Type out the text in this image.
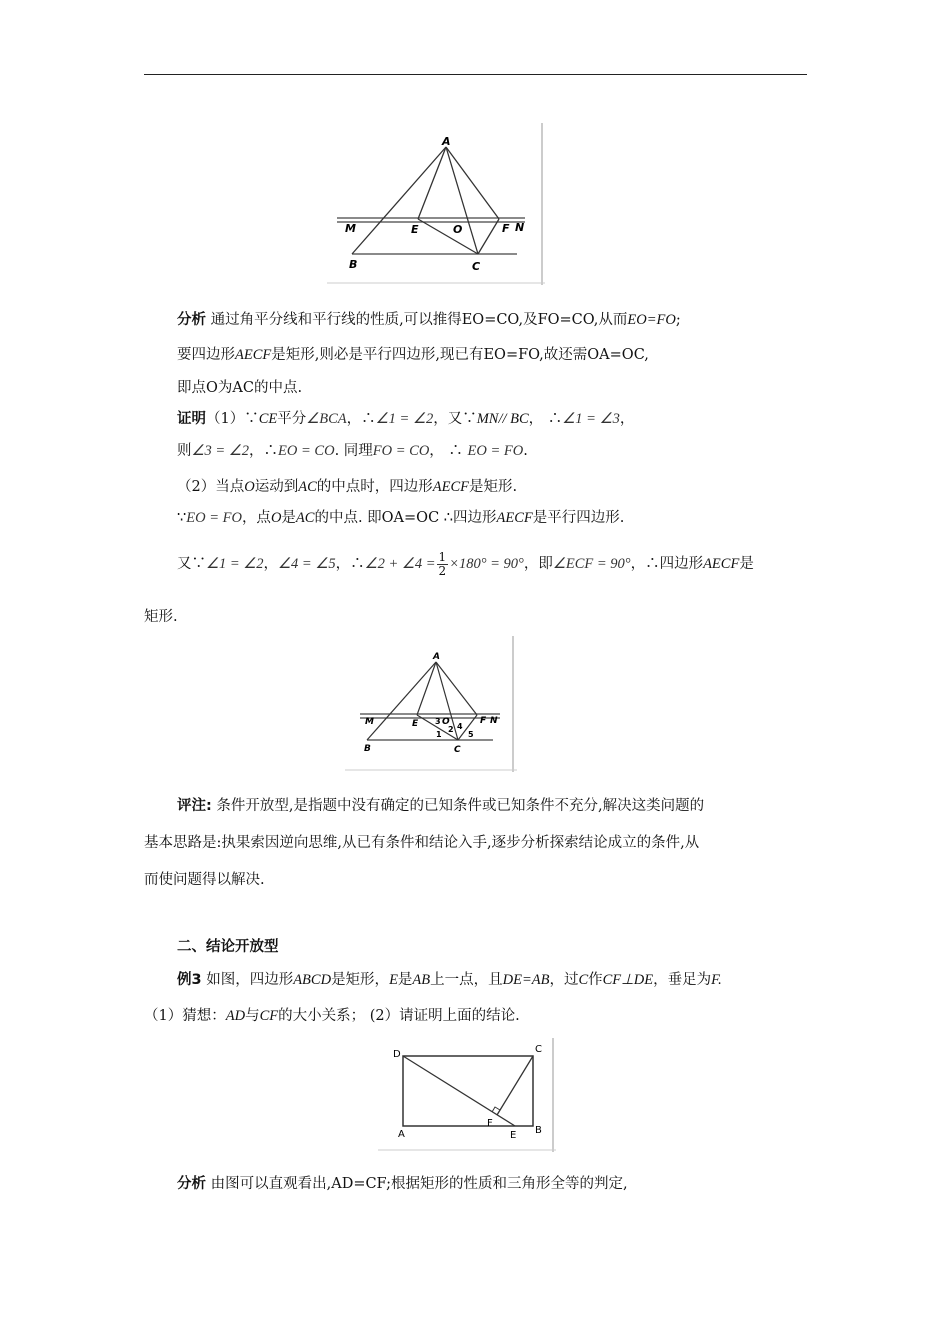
A
M	E	O	F N
B	C
分析 通过角平分线和平行线的性质,可以推得EO=CO,及FO=CO,从而EO=FO;
要四边形AECF是矩形,则必是平行四边形,现已有EO=FO,故还需OA=OC,
即点O为AC的中点.
证明（1）∵CE平分∠BCA，∴∠1 = ∠2，又∵MN// BC， ∴∠1 = ∠3，
则∠3 = ∠2，∴EO = CO. 同理FO = CO， ∴ EO = FO.
（2）当点O运动到AC的中点时，四边形AECF是矩形.
∵EO = FO，点O是AC的中点. 即OA=OC ∴四边形AECF是平行四边形.
又∵∠1 = ∠2，∠4 = ∠5，∴∠2 + ∠4 = $\frac{1}{2} \times 180^\circ = 90^\circ$，即∠ECF = 90°，∴四边形AECF是
矩形.
A
M	E	O	F N
B	C
1
2
3
4
5
评注: 条件开放型,是指题中没有确定的已知条件或已知条件不充分,解决这类问题的
基本思路是:执果索因逆向思维,从已有条件和结论入手,逐步分析探索结论成立的条件,从
而使问题得以解决.
二、结论开放型
例3 如图，四边形ABCD是矩形，E是AB上一点，且DE=AB，过C作CF⊥DE，垂足为F.
（1）猜想：AD与CF的大小关系； (2）请证明上面的结论.
D	C
A
F
E B
分析 由图可以直观看出,AD=CF;根据矩形的性质和三角形全等的判定,
